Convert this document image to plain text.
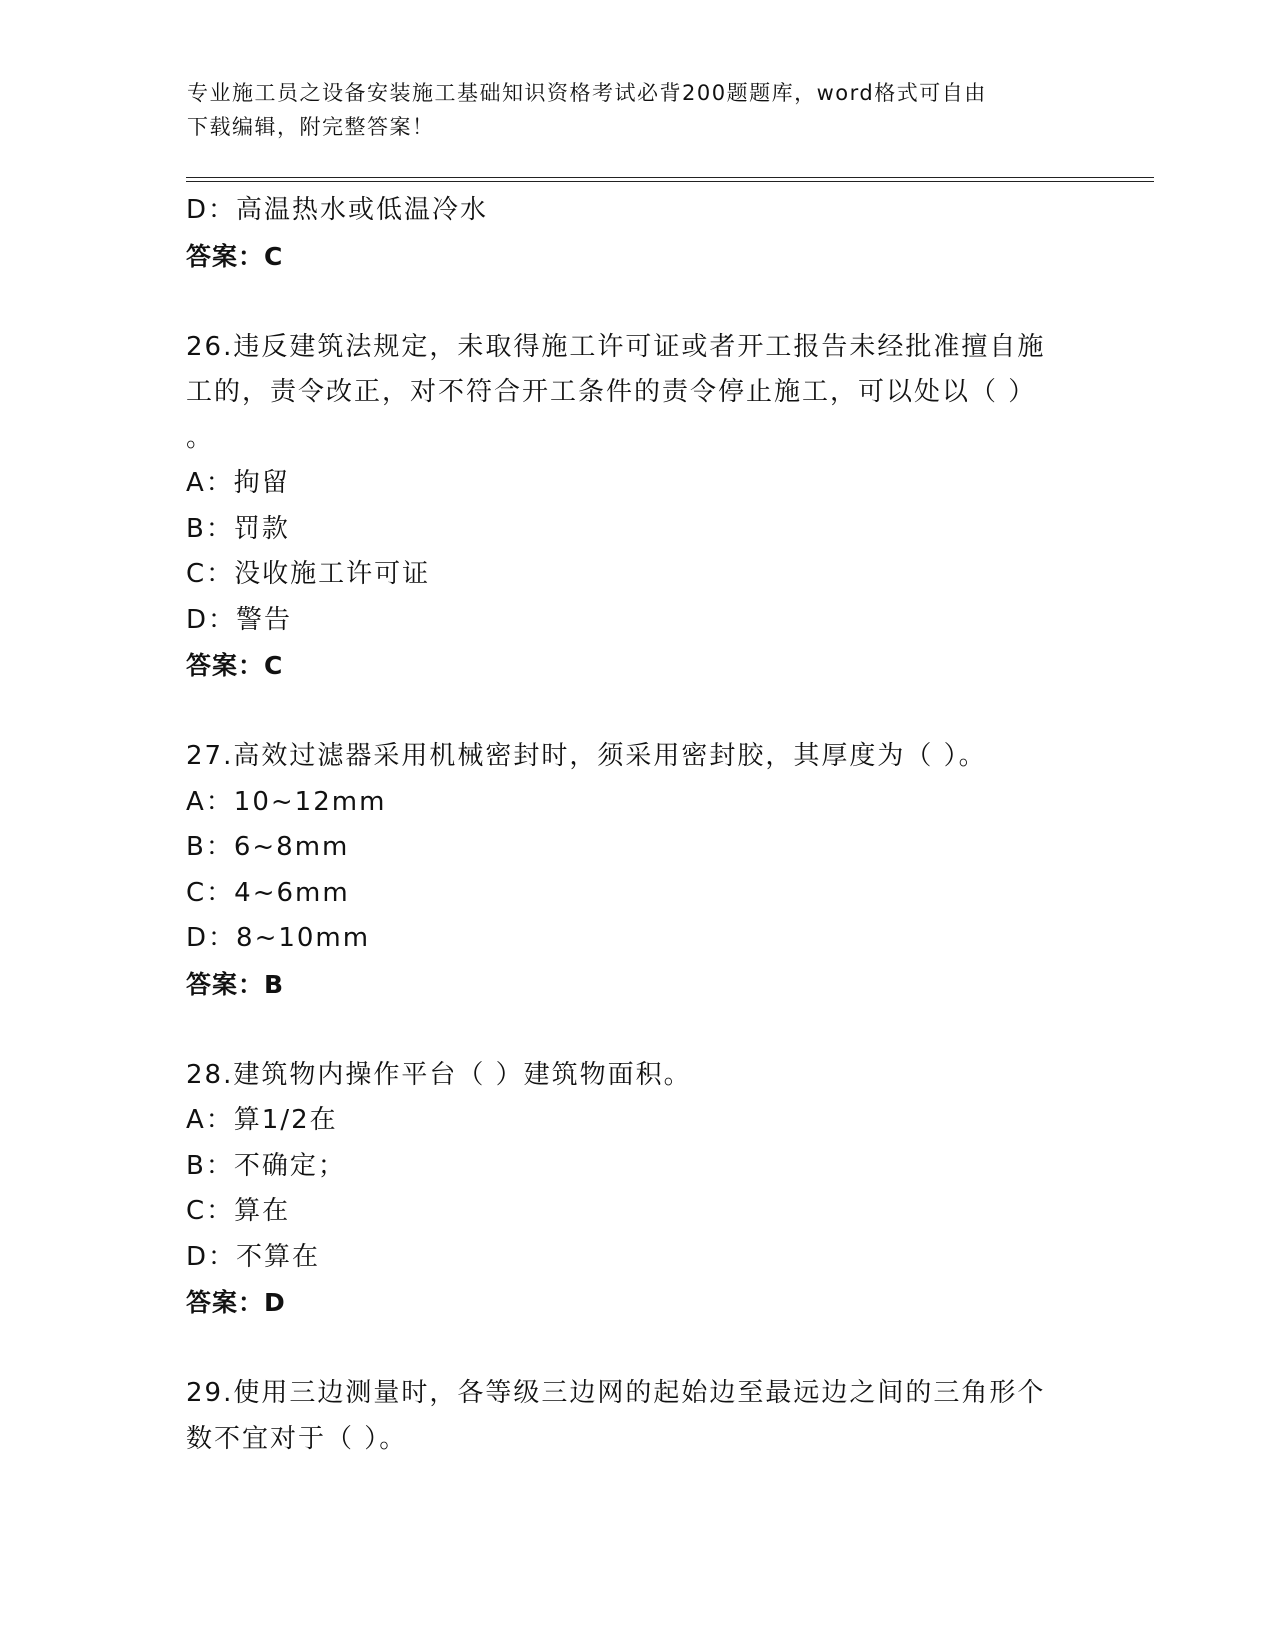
专业施工员之设备安装施工基础知识资格考试必背200题题库，word格式可自由
下载编辑，附完整答案！
D：高温热水或低温冷水
答案：C
26.违反建筑法规定，未取得施工许可证或者开工报告未经批准擅自施
工的，责令改正，对不符合开工条件的责令停止施工，可以处以（ ）
。
A：拘留
B：罚款
C：没收施工许可证
D：警告
答案：C
27.高效过滤器采用机械密封时，须采用密封胶，其厚度为（ ）。
A：10~12mm
B：6~8mm
C：4~6mm
D：8~10mm
答案：B
28.建筑物内操作平台（ ）建筑物面积。
A：算1/2在
B：不确定；
C：算在
D：不算在
答案：D
29.使用三边测量时，各等级三边网的起始边至最远边之间的三角形个
数不宜对于（ ）。
